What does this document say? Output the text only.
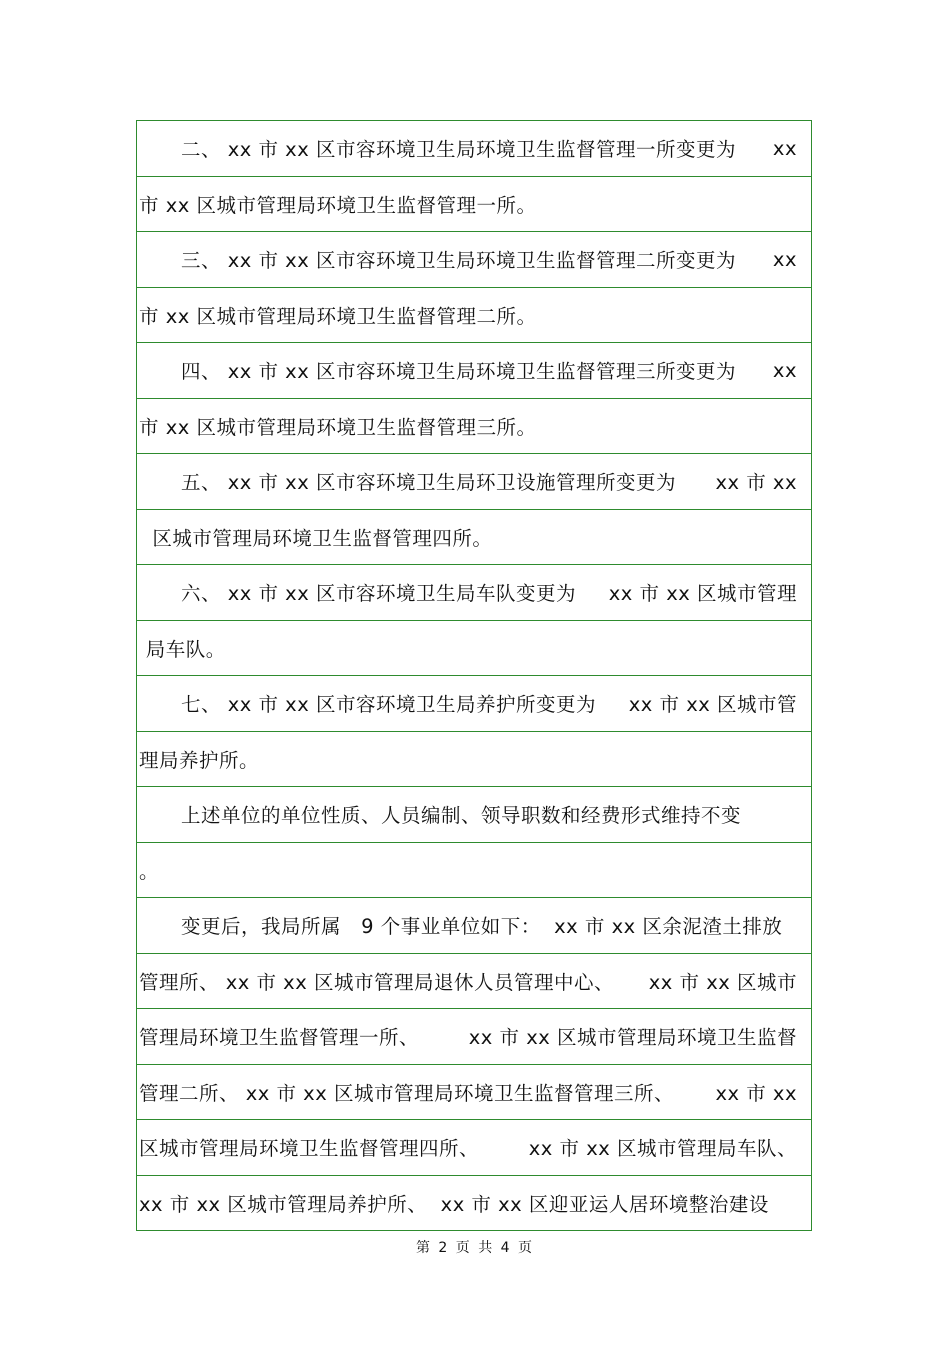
二、 xx 市 xx 区市容环境卫生局环境卫生监督管理一所变更为 xx
市 xx 区城市管理局环境卫生监督管理一所。
三、 xx 市 xx 区市容环境卫生局环境卫生监督管理二所变更为 xx
市 xx 区城市管理局环境卫生监督管理二所。
四、 xx 市 xx 区市容环境卫生局环境卫生监督管理三所变更为 xx
市 xx 区城市管理局环境卫生监督管理三所。
五、 xx 市 xx 区市容环境卫生局环卫设施管理所变更为 xx 市 xx
区城市管理局环境卫生监督管理四所。
六、 xx 市 xx 区市容环境卫生局车队变更为 xx 市 xx 区城市管理
局车队。
七、 xx 市 xx 区市容环境卫生局养护所变更为 xx 市 xx 区城市管
理局养护所。
上述单位的单位性质、人员编制、领导职数和经费形式维持不变
。
变更后，我局所属   9 个事业单位如下：  xx 市 xx 区余泥渣土排放
管理所、 xx 市 xx 区城市管理局退休人员管理中心、 xx 市 xx 区城市
管理局环境卫生监督管理一所、	xx 市 xx 区城市管理局环境卫生监督
管理二所、 xx 市 xx 区城市管理局环境卫生监督管理三所、 xx 市 xx
区城市管理局环境卫生监督管理四所、	xx 市 xx 区城市管理局车队、
xx 市 xx 区城市管理局养护所、  xx 市 xx 区迎亚运人居环境整治建设
第 2 页 共 4 页
